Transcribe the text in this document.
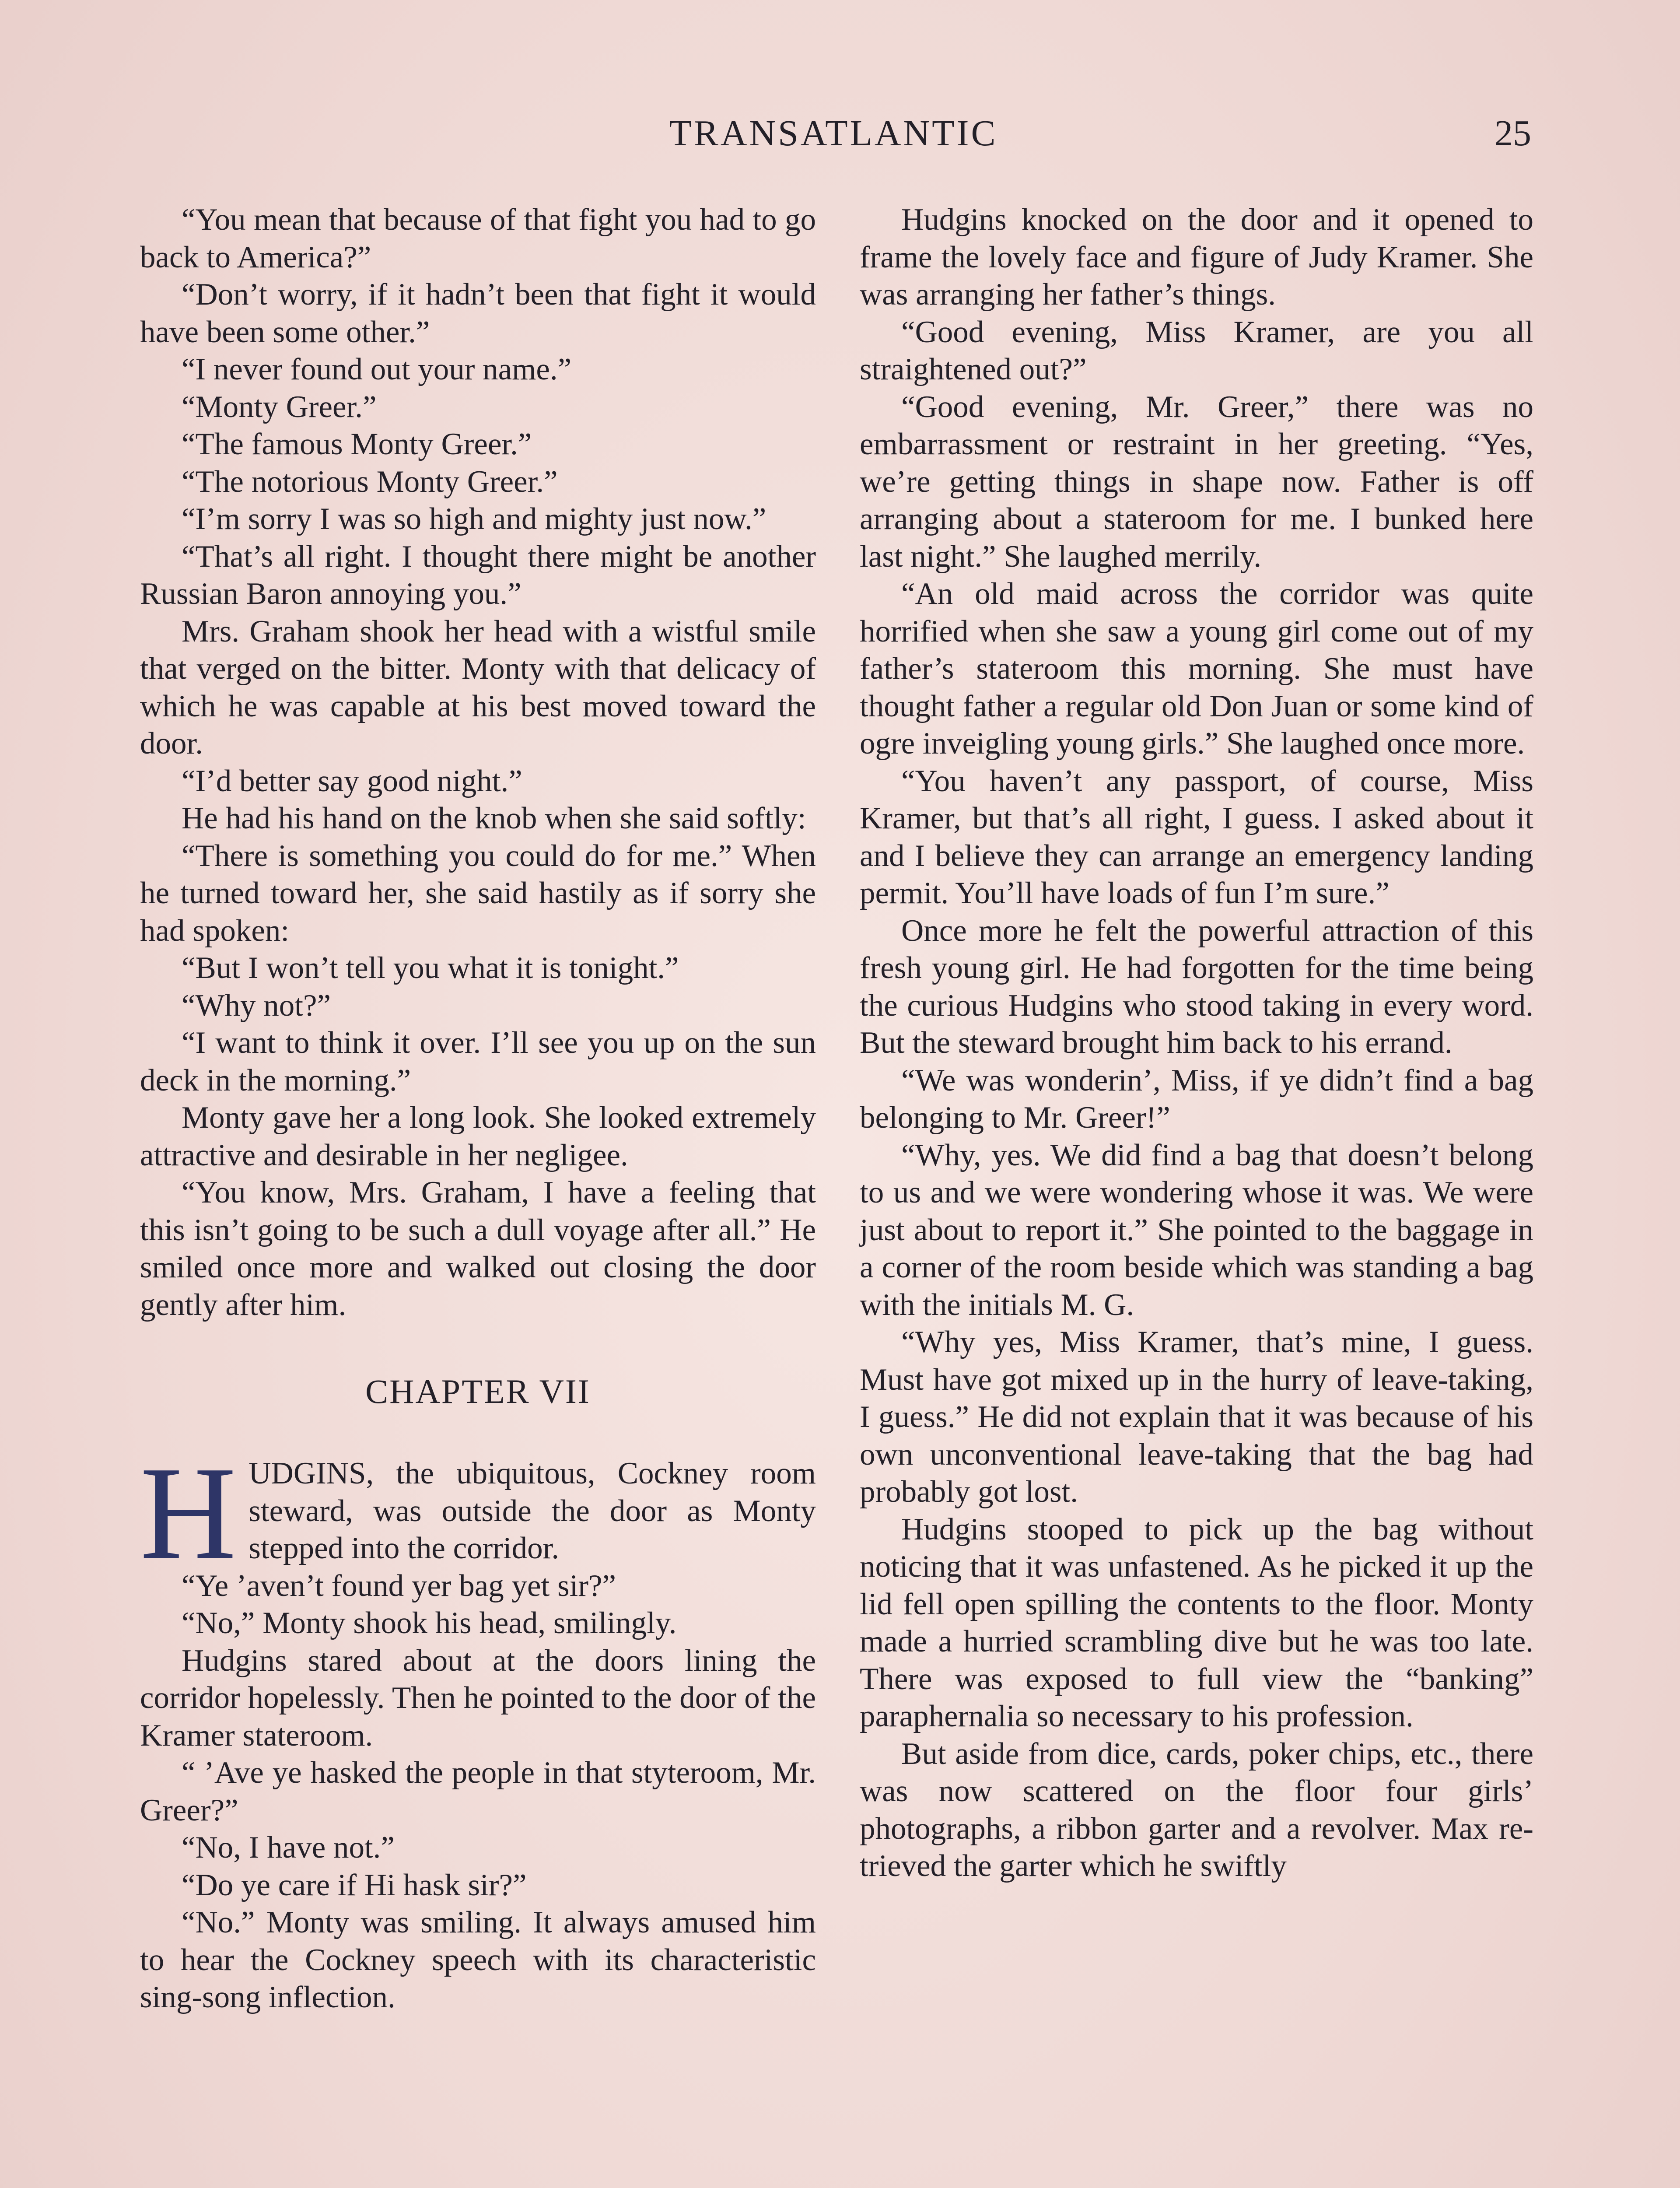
TRANSATLANTIC	25

“You mean that because of that fight you had to go back to America?”

“Don’t worry, if it hadn’t been that fight it would have been some other.”

“I never found out your name.”

“Monty Greer.”

“The famous Monty Greer.”

“The notorious Monty Greer.”

“I’m sorry I was so high and mighty just now.”

“That’s all right. I thought there might be another Russian Baron annoying you.”

Mrs. Graham shook her head with a wistful smile that verged on the bitter. Monty with that delicacy of which he was capable at his best moved toward the door.

“I’d better say good night.”

He had his hand on the knob when she said softly:

“There is something you could do for me.” When he turned toward her, she said hastily as if sorry she had spoken:

“But I won’t tell you what it is tonight.”

“Why not?”

“I want to think it over. I’ll see you up on the sun deck in the morning.”

Monty gave her a long look. She looked extremely attractive and desirable in her negligee.

“You know, Mrs. Graham, I have a feeling that this isn’t going to be such a dull voyage after all.” He smiled once more and walked out closing the door gently after him.

CHAPTER VII

HUDGINS, the ubiquitous, Cockney room steward, was outside the door as Monty stepped into the corridor.

“Ye ’aven’t found yer bag yet sir?”

“No,” Monty shook his head, smilingly.

Hudgins stared about at the doors lining the corridor hopelessly. Then he pointed to the door of the Kramer stateroom.

“ ’Ave ye hasked the people in that styteroom, Mr. Greer?”

“No, I have not.”

“Do ye care if Hi hask sir?”

“No.” Monty was smiling. It always amused him to hear the Cockney speech with its characteristic sing-song inflection.

Hudgins knocked on the door and it opened to frame the lovely face and figure of Judy Kramer. She was arranging her father’s things.

“Good evening, Miss Kramer, are you all straightened out?”

“Good evening, Mr. Greer,” there was no embarrassment or restraint in her greeting. “Yes, we’re getting things in shape now. Father is off arranging about a stateroom for me. I bunked here last night.” She laughed merrily.

“An old maid across the corridor was quite horrified when she saw a young girl come out of my father’s stateroom this morning. She must have thought father a regular old Don Juan or some kind of ogre inveigling young girls.” She laughed once more.

“You haven’t any passport, of course, Miss Kramer, but that’s all right, I guess. I asked about it and I believe they can arrange an emergency landing permit. You’ll have loads of fun I’m sure.”

Once more he felt the powerful attraction of this fresh young girl. He had forgotten for the time being the curious Hudgins who stood taking in every word. But the steward brought him back to his errand.

“We was wonderin’, Miss, if ye didn’t find a bag belonging to Mr. Greer!”

“Why, yes. We did find a bag that doesn’t belong to us and we were wondering whose it was. We were just about to report it.” She pointed to the baggage in a corner of the room beside which was standing a bag with the initials M. G.

“Why yes, Miss Kramer, that’s mine, I guess. Must have got mixed up in the hurry of leave-taking, I guess.” He did not explain that it was because of his own unconventional leave-taking that the bag had probably got lost.

Hudgins stooped to pick up the bag without noticing that it was unfastened. As he picked it up the lid fell open spilling the contents to the floor. Monty made a hurried scrambling dive but he was too late. There was exposed to full view the “banking” paraphernalia so necessary to his profession.

But aside from dice, cards, poker chips, etc., there was now scattered on the floor four girls’ photographs, a ribbon garter and a revolver. Max retrieved the garter which he swiftly
